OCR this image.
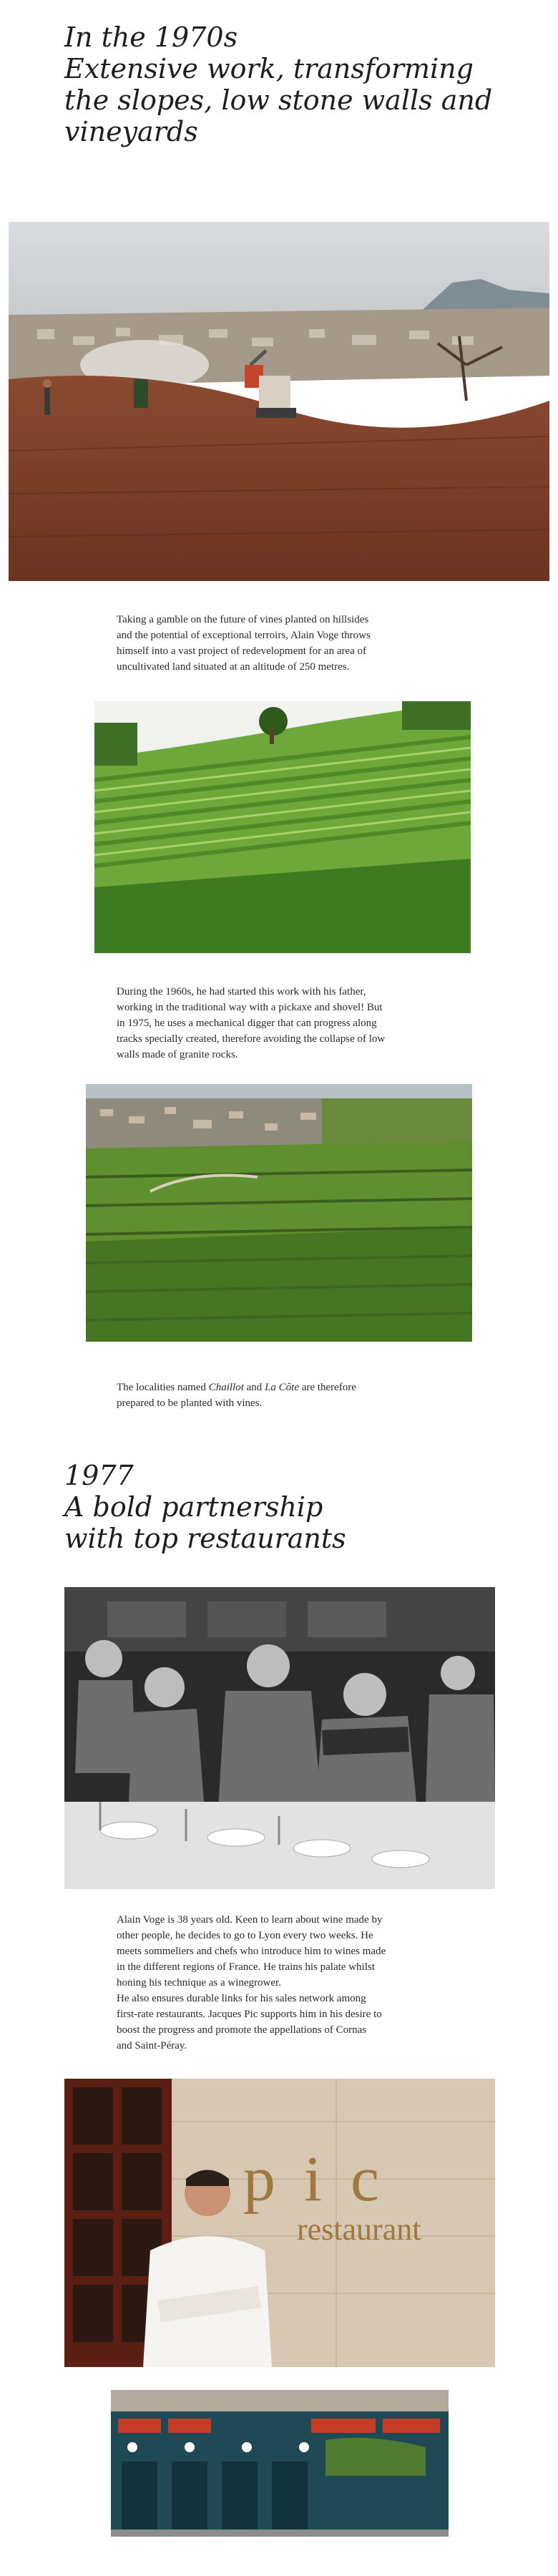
In the 1970s
Extensive work, transforming
the slopes, low stone walls and
vineyards

Taking a gamble on the future of vines planted on hillsides
and the potential of exceptional terroirs, Alain Voge throws
himself into a vast project of redevelopment for an area of
uncultivated land situated at an altitude of 250 metres.

During the 1960s, he had started this work with his father,
working in the traditional way with a pickaxe and shovel! But
in 1975, he uses a mechanical digger that can progress along
tracks specially created, therefore avoiding the collapse of low
walls made of granite rocks.

The localities named Chaillot and La Côte are therefore
prepared to be planted with vines.

1977
A bold partnership
with top restaurants

Alain Voge is 38 years old. Keen to learn about wine made by
other people, he decides to go to Lyon every two weeks. He
meets sommeliers and chefs who introduce him to wines made
in the different regions of France. He trains his palate whilst
honing his technique as a winegrower.
He also ensures durable links for his sales network among
first-rate restaurants. Jacques Pic supports him in his desire to
boost the progress and promote the appellations of Cornas
and Saint-Péray.

pic
restaurant
